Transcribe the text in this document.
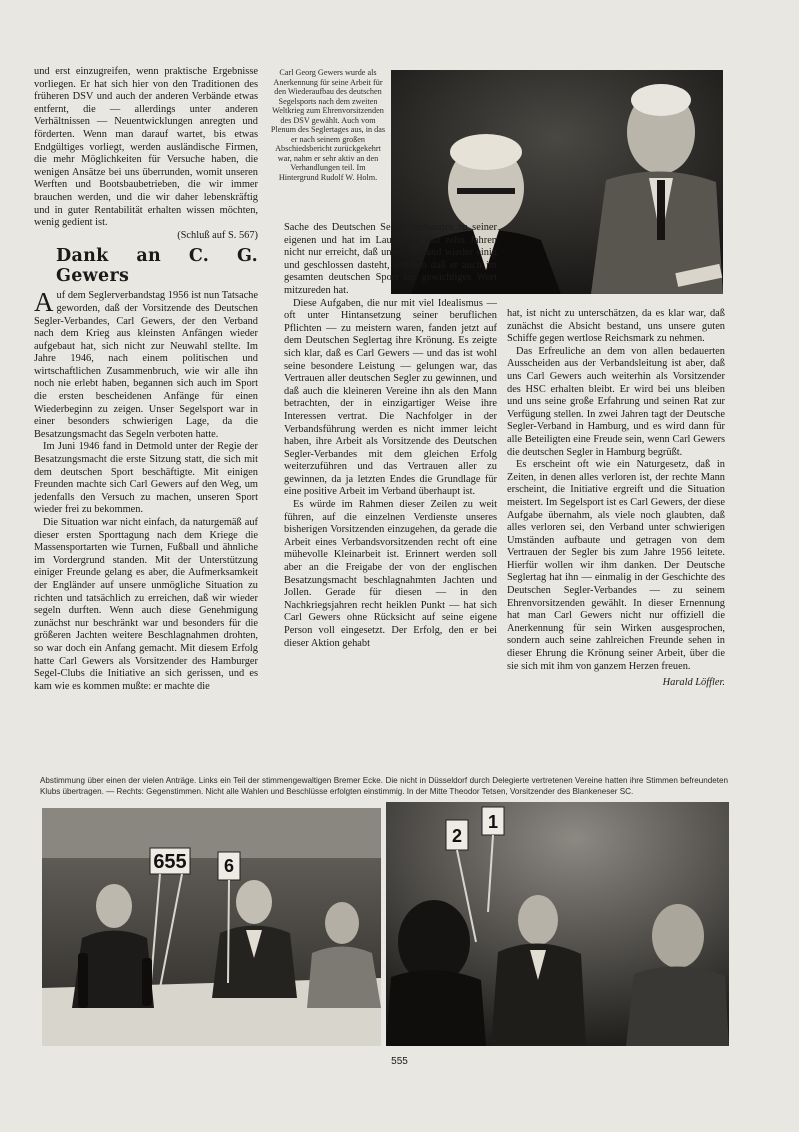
und erst einzugreifen, wenn praktische Ergebnisse vorliegen. Er hat sich hier von den Traditionen des früheren DSV und auch der anderen Verbände etwas entfernt, die — allerdings unter anderen Verhältnissen — Neuentwicklungen anregten und förderten. Wenn man darauf wartet, bis etwas Endgültiges vorliegt, werden ausländische Firmen, die mehr Möglichkeiten für Versuche haben, die wenigen Ansätze bei uns überrunden, womit unseren Werften und Bootsbaubetrieben, die wir immer brauchen werden, und die wir daher lebenskräftig und in guter Rentabilität erhalten wissen möchten, wenig gedient ist.

(Schluß auf S. 567)

Dank an C. G. Gewers

Auf dem Seglerverbandstag 1956 ist nun Tatsache geworden, daß der Vorsitzende des Deutschen Segler-Verbandes, Carl Gewers, der den Verband nach dem Krieg aus kleinsten Anfängen wieder aufgebaut hat, sich nicht zur Neuwahl stellte. Im Jahre 1946, nach einem politischen und wirtschaftlichen Zusammenbruch, wie wir alle ihn noch nie erlebt haben, begannen sich auch im Sport die ersten bescheidenen Anfänge für einen Wiederbeginn zu zeigen. Unser Segelsport war in einer besonders schwierigen Lage, da die Besatzungsmacht das Segeln verboten hatte.

Im Juni 1946 fand in Detmold unter der Regie der Besatzungsmacht die erste Sitzung statt, die sich mit dem deutschen Sport beschäftigte. Mit einigen Freunden machte sich Carl Gewers auf den Weg, um jedenfalls den Versuch zu machen, unseren Sport wieder frei zu bekommen.

Die Situation war nicht einfach, da naturgemäß auf dieser ersten Sporttagung nach dem Kriege die Massensportarten wie Turnen, Fußball und ähnliche im Vordergrund standen. Mit der Unterstützung einiger Freunde gelang es aber, die Aufmerksamkeit der Engländer auf unsere unmögliche Situation zu richten und tatsächlich zu erreichen, daß wir wieder segeln durften. Wenn auch diese Genehmigung zunächst nur beschränkt war und besonders für die größeren Jachten weitere Beschlagnahmen drohten, so war doch ein Anfang gemacht. Mit diesem Erfolg hatte Carl Gewers als Vorsitzender des Hamburger Segel-Clubs die Initiative an sich gerissen, und es kam wie es kommen mußte: er machte die

Carl Georg Gewers wurde als Anerkennung für seine Arbeit für den Wiederaufbau des deutschen Segelsports nach dem zweiten Weltkrieg zum Ehrenvorsitzenden des DSV gewählt. Auch vom Plenum des Seglertages aus, in das er nach seinem großen Abschiedsbericht zurückgekehrt war, nahm er sehr aktiv an den Verhandlungen teil. Im Hintergrund Rudolf W. Holm.

Sache des Deutschen Segler-Verbandes zu seiner eigenen und hat im Laufe von fast zehn Jahren nicht nur erreicht, daß unser Verband wieder einig und geschlossen dasteht, sondern daß er auch im gesamten deutschen Sport ein gewichtiges Wort mitzureden hat.

Diese Aufgaben, die nur mit viel Idealismus — oft unter Hintansetzung seiner beruflichen Pflichten — zu meistern waren, fanden jetzt auf dem Deutschen Seglertag ihre Krönung. Es zeigte sich klar, daß es Carl Gewers — und das ist wohl seine besondere Leistung — gelungen war, das Vertrauen aller deutschen Segler zu gewinnen, und daß auch die kleineren Vereine ihn als den Mann betrachten, der in einzigartiger Weise ihre Interessen vertrat. Die Nachfolger in der Verbandsführung werden es nicht immer leicht haben, ihre Arbeit als Vorsitzende des Deutschen Segler-Verbandes mit dem gleichen Erfolg weiterzuführen und das Vertrauen aller zu gewinnen, da ja letzten Endes die Grundlage für eine positive Arbeit im Verband überhaupt ist.

Es würde im Rahmen dieser Zeilen zu weit führen, auf die einzelnen Verdienste unseres bisherigen Vorsitzenden einzugehen, da gerade die Arbeit eines Verbandsvorsitzenden recht oft eine mühevolle Kleinarbeit ist. Erinnert werden soll aber an die Freigabe der von der englischen Besatzungsmacht beschlagnahmten Jachten und Jollen. Gerade für diesen — in den Nachkriegsjahren recht heiklen Punkt — hat sich Carl Gewers ohne Rücksicht auf seine eigene Person voll eingesetzt. Der Erfolg, den er bei dieser Aktion gehabt

hat, ist nicht zu unterschätzen, da es klar war, daß zunächst die Absicht bestand, uns unsere guten Schiffe gegen wertlose Reichsmark zu nehmen.

Das Erfreuliche an dem von allen bedauerten Ausscheiden aus der Verbandsleitung ist aber, daß uns Carl Gewers auch weiterhin als Vorsitzender des HSC erhalten bleibt. Er wird bei uns bleiben und uns seine große Erfahrung und seinen Rat zur Verfügung stellen. In zwei Jahren tagt der Deutsche Segler-Verband in Hamburg, und es wird dann für alle Beteiligten eine Freude sein, wenn Carl Gewers die deutschen Segler in Hamburg begrüßt.

Es erscheint oft wie ein Naturgesetz, daß in Zeiten, in denen alles verloren ist, der rechte Mann erscheint, die Initiative ergreift und die Situation meistert. Im Segelsport ist es Carl Gewers, der diese Aufgabe übernahm, als viele noch glaubten, daß alles verloren sei, den Verband unter schwierigen Umständen aufbaute und getragen von dem Vertrauen der Segler bis zum Jahre 1956 leitete. Hierfür wollen wir ihm danken. Der Deutsche Seglertag hat ihn — einmalig in der Geschichte des Deutschen Segler-Verbandes — zu seinem Ehrenvorsitzenden gewählt. In dieser Ernennung hat man Carl Gewers nicht nur offiziell die Anerkennung für sein Wirken ausgesprochen, sondern auch seine zahlreichen Freunde sehen in dieser Ehrung die Krönung seiner Arbeit, über die sie sich mit ihm von ganzem Herzen freuen.

Harald Löffler.
Abstimmung über einen der vielen Anträge. Links ein Teil der stimmengewaltigen Bremer Ecke. Die nicht in Düsseldorf durch Delegierte vertretenen Vereine hatten ihre Stimmen befreundeten Klubs übertragen. — Rechts: Gegenstimmen. Nicht alle Wahlen und Beschlüsse erfolgten einstimmig. In der Mitte Theodor Tetsen, Vorsitzender des Blankeneser SC.
655 6
2
1
555
